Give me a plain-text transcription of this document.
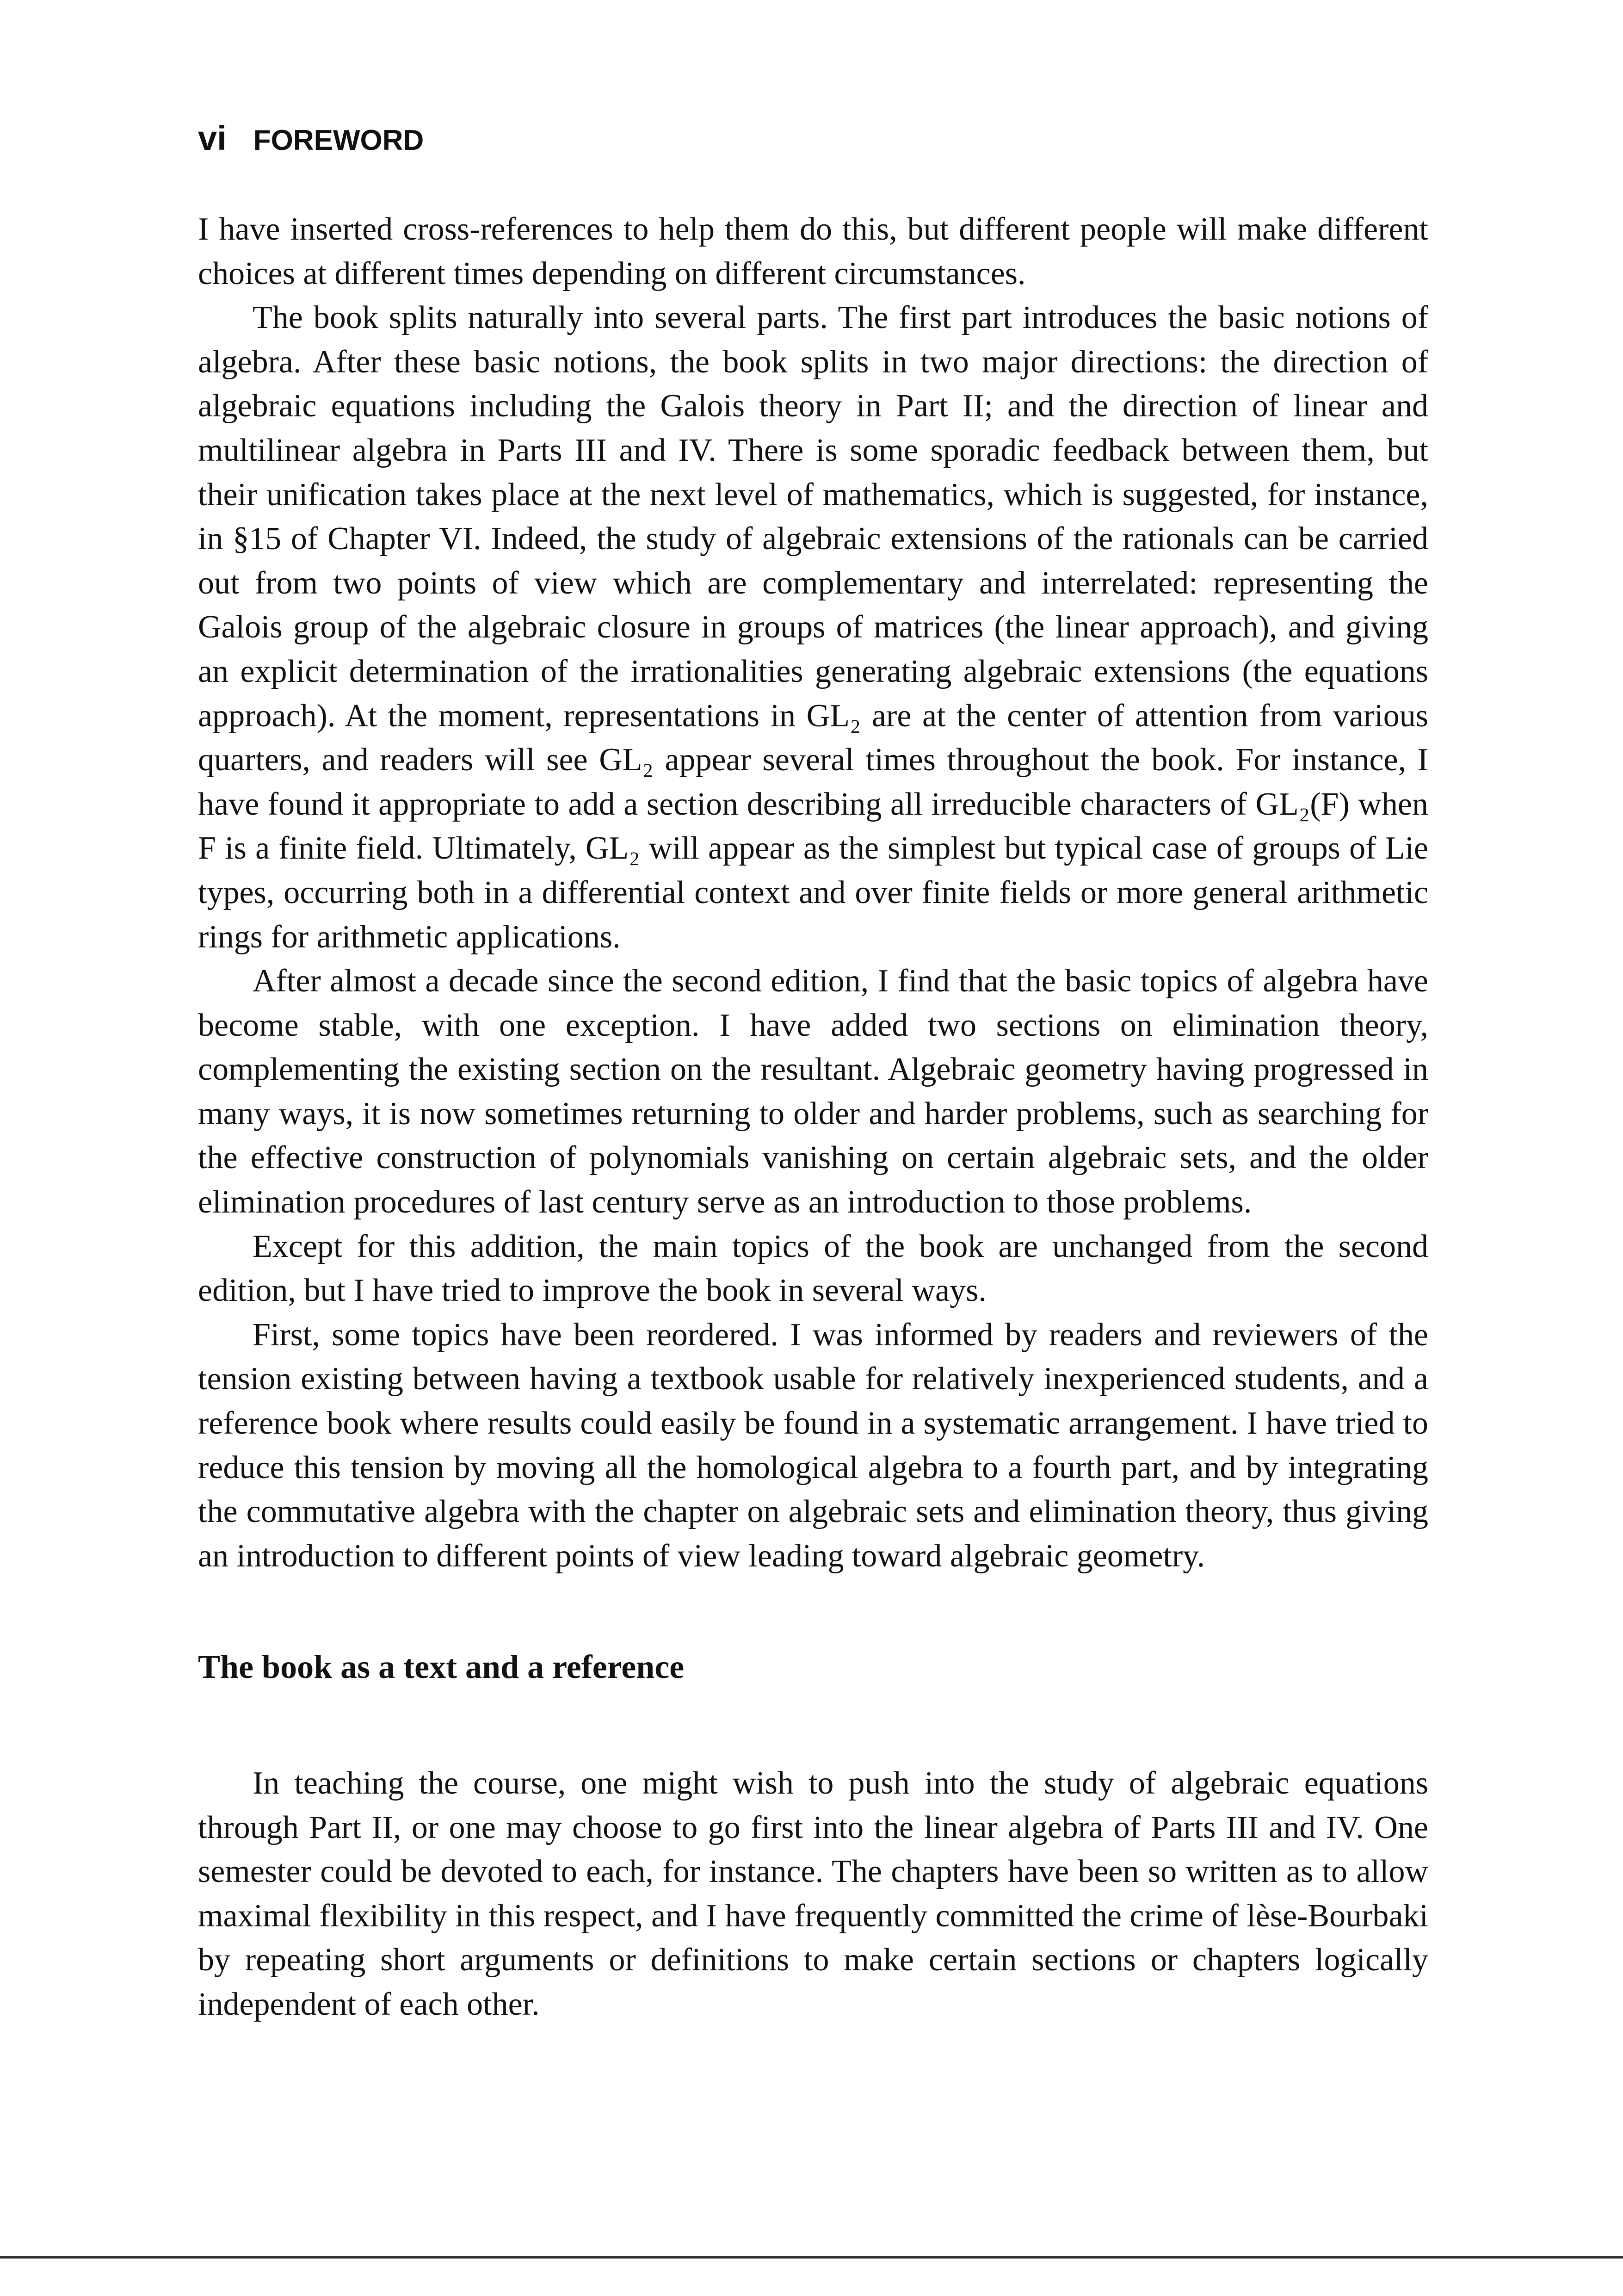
vi FOREWORD

I have inserted cross-references to help them do this, but different people will make different choices at different times depending on different circumstances.

The book splits naturally into several parts. The first part introduces the basic notions of algebra. After these basic notions, the book splits in two major directions: the direction of algebraic equations including the Galois theory in Part II; and the direction of linear and multilinear algebra in Parts III and IV. There is some sporadic feedback between them, but their unification takes place at the next level of mathematics, which is suggested, for instance, in §15 of Chapter VI. Indeed, the study of algebraic extensions of the rationals can be carried out from two points of view which are complementary and interrelated: representing the Galois group of the algebraic closure in groups of matrices (the linear approach), and giving an explicit determination of the irrationalities generating algebraic extensions (the equations approach). At the moment, representations in GL₂ are at the center of attention from various quarters, and readers will see GL₂ appear several times throughout the book. For instance, I have found it appropriate to add a section describing all irreducible characters of GL₂(F) when F is a finite field. Ultimately, GL₂ will appear as the simplest but typical case of groups of Lie types, occurring both in a differential context and over finite fields or more general arithmetic rings for arithmetic applications.

After almost a decade since the second edition, I find that the basic topics of algebra have become stable, with one exception. I have added two sections on elimination theory, complementing the existing section on the resultant. Algebraic geometry having progressed in many ways, it is now sometimes returning to older and harder problems, such as searching for the effective construction of polynomials vanishing on certain algebraic sets, and the older elimination procedures of last century serve as an introduction to those problems.

Except for this addition, the main topics of the book are unchanged from the second edition, but I have tried to improve the book in several ways.

First, some topics have been reordered. I was informed by readers and reviewers of the tension existing between having a textbook usable for relatively inexperienced students, and a reference book where results could easily be found in a systematic arrangement. I have tried to reduce this tension by moving all the homological algebra to a fourth part, and by integrating the commutative algebra with the chapter on algebraic sets and elimination theory, thus giving an introduction to different points of view leading toward algebraic geometry.

The book as a text and a reference

In teaching the course, one might wish to push into the study of algebraic equations through Part II, or one may choose to go first into the linear algebra of Parts III and IV. One semester could be devoted to each, for instance. The chapters have been so written as to allow maximal flexibility in this respect, and I have frequently committed the crime of lèse-Bourbaki by repeating short arguments or definitions to make certain sections or chapters logically independent of each other.
